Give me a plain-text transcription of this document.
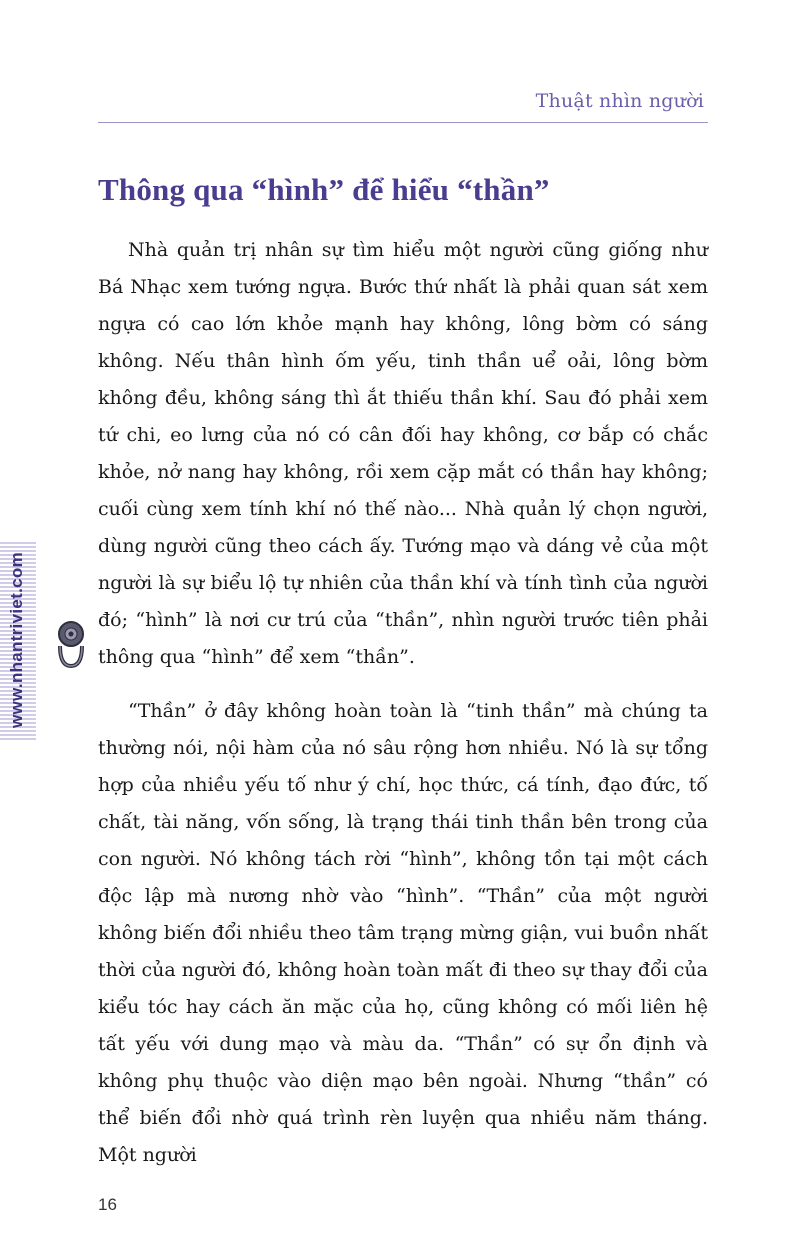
Thuật nhìn người
Thông qua “hình” để hiểu “thần”

Nhà quản trị nhân sự tìm hiểu một người cũng giống như Bá Nhạc xem tướng ngựa. Bước thứ nhất là phải quan sát xem ngựa có cao lớn khỏe mạnh hay không, lông bờm có sáng không. Nếu thân hình ốm yếu, tinh thần uể oải, lông bờm không đều, không sáng thì ắt thiếu thần khí. Sau đó phải xem tứ chi, eo lưng của nó có cân đối hay không, cơ bắp có chắc khỏe, nở nang hay không, rồi xem cặp mắt có thần hay không; cuối cùng xem tính khí nó thế nào... Nhà quản lý chọn người, dùng người cũng theo cách ấy. Tướng mạo và dáng vẻ của một người là sự biểu lộ tự nhiên của thần khí và tính tình của người đó; “hình” là nơi cư trú của “thần”, nhìn người trước tiên phải thông qua “hình” để xem “thần”.

“Thần” ở đây không hoàn toàn là “tinh thần” mà chúng ta thường nói, nội hàm của nó sâu rộng hơn nhiều. Nó là sự tổng hợp của nhiều yếu tố như ý chí, học thức, cá tính, đạo đức, tố chất, tài năng, vốn sống, là trạng thái tinh thần bên trong của con người. Nó không tách rời “hình”, không tồn tại một cách độc lập mà nương nhờ vào “hình”. “Thần” của một người không biến đổi nhiều theo tâm trạng mừng giận, vui buồn nhất thời của người đó, không hoàn toàn mất đi theo sự thay đổi của kiểu tóc hay cách ăn mặc của họ, cũng không có mối liên hệ tất yếu với dung mạo và màu da. “Thần” có sự ổn định và không phụ thuộc vào diện mạo bên ngoài. Nhưng “thần” có thể biến đổi nhờ quá trình rèn luyện qua nhiều năm tháng. Một người

www.nhantriviet.com
16
